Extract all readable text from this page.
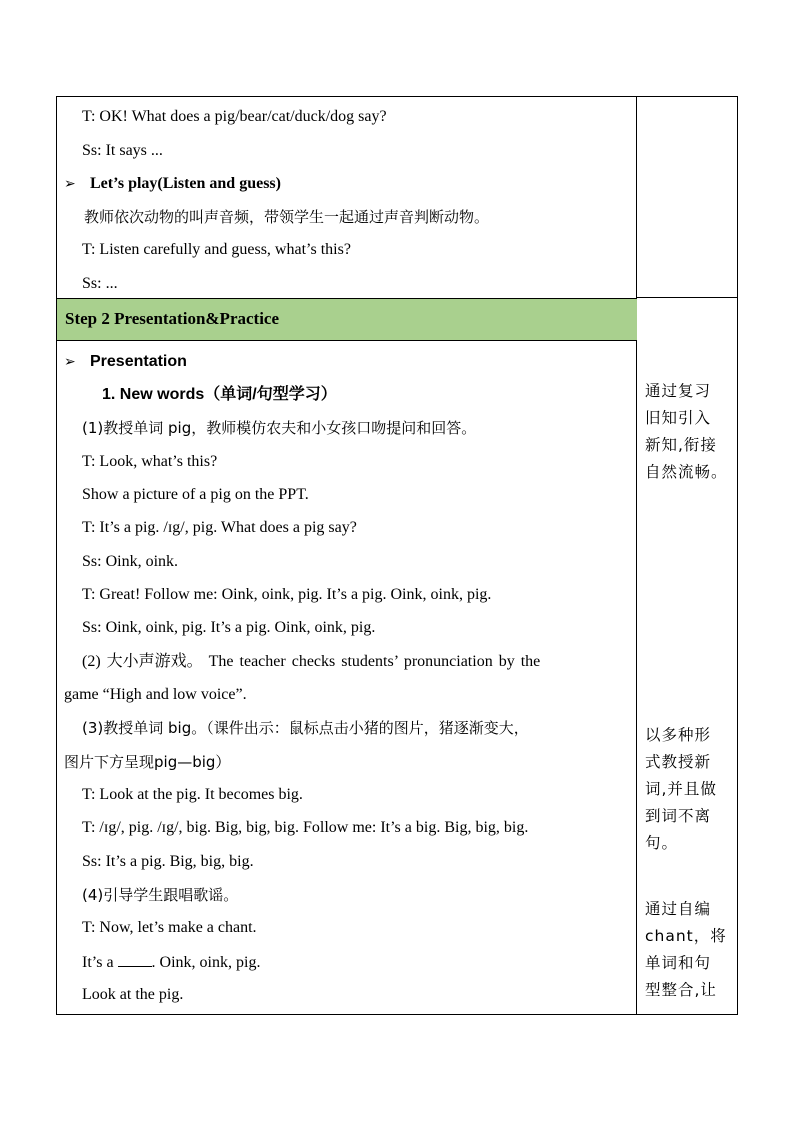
T: OK! What does a pig/bear/cat/duck/dog say?
Ss: It says ...
➢ Let’s play(Listen and guess)
教师依次动物的叫声音频，带领学生一起通过声音判断动物。
T: Listen carefully and guess, what’s this?
Ss: ...
Step 2 Presentation&Practice
➢ Presentation
1. New words（单词/句型学习）
(1)教授单词 pig，教师模仿农夫和小女孩口吻提问和回答。
T: Look, what’s this?
Show a picture of a pig on the PPT.
T: It’s a pig. /ɪg/, pig. What does a pig say?
Ss: Oink, oink.
T: Great! Follow me: Oink, oink, pig. It’s a pig. Oink, oink, pig.
Ss: Oink, oink, pig. It’s a pig. Oink, oink, pig.
(2) 大小声游戏。 The teacher checks students’ pronunciation by the
game “High and low voice”.
(3)教授单词 big。（课件出示：鼠标点击小猪的图片，猪逐渐变大，
图片下方呈现pig—big）
T: Look at the pig. It becomes big.
T: /ɪg/, pig. /ɪg/, big. Big, big, big. Follow me: It’s a big. Big, big, big.
Ss: It’s a pig. Big, big, big.
(4)引导学生跟唱歌谣。
T: Now, let’s make a chant.
It’s a . Oink, oink, pig.
Look at the pig.
通过复习
旧知引入
新知,衔接
自然流畅。
以多种形
式教授新
词,并且做
到词不离
句。
通过自编
chant，将
单词和句
型整合,让
